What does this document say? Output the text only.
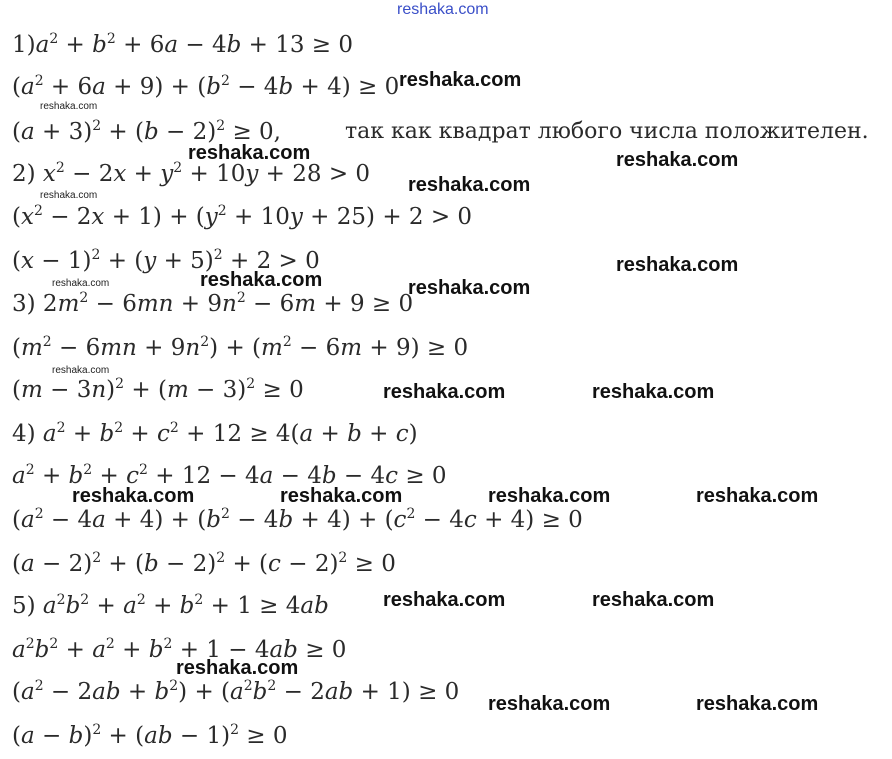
reshaka.com
$1)a^2 + b^2 + 6a - 4b + 13 \ge 0$
$(a^2 + 6a + 9) + (b^2 - 4b + 4) \ge 0$
$(a + 3)^2 + (b - 2)^2 \ge 0$,	так как квадрат любого числа положителен.
2) $x^2 - 2x + y^2 + 10y + 28 > 0$
$(x^2 - 2x + 1) + (y^2 + 10y + 25) + 2 > 0$
$(x - 1)^2 + (y + 5)^2 + 2 > 0$
3) $2m^2 - 6mn + 9n^2 - 6m + 9 \ge 0$
$(m^2 - 6mn + 9n^2) + (m^2 - 6m + 9) \ge 0$
$(m - 3n)^2 + (m - 3)^2 \ge 0$
4) $a^2 + b^2 + c^2 + 12 \ge 4(a + b + c)$
$a^2 + b^2 + c^2 + 12 - 4a - 4b - 4c \ge 0$
$(a^2 - 4a + 4) + (b^2 - 4b + 4) + (c^2 - 4c + 4) \ge 0$
$(a - 2)^2 + (b - 2)^2 + (c - 2)^2 \ge 0$
5) $a^2b^2 + a^2 + b^2 + 1 \ge 4ab$
$a^2b^2 + a^2 + b^2 + 1 - 4ab \ge 0$
$(a^2 - 2ab + b^2) + (a^2b^2 - 2ab + 1) \ge 0$
$(a - b)^2 + (ab - 1)^2 \ge 0$
reshaka.com
reshaka.com	reshaka.com
reshaka.com
reshaka.com
reshaka.com	reshaka.com
reshaka.com	reshaka.com
reshaka.com	reshaka.com	reshaka.com	reshaka.com
reshaka.com	reshaka.com
reshaka.com
reshaka.com	reshaka.com
reshaka.com
reshaka.com
reshaka.com
reshaka.com
